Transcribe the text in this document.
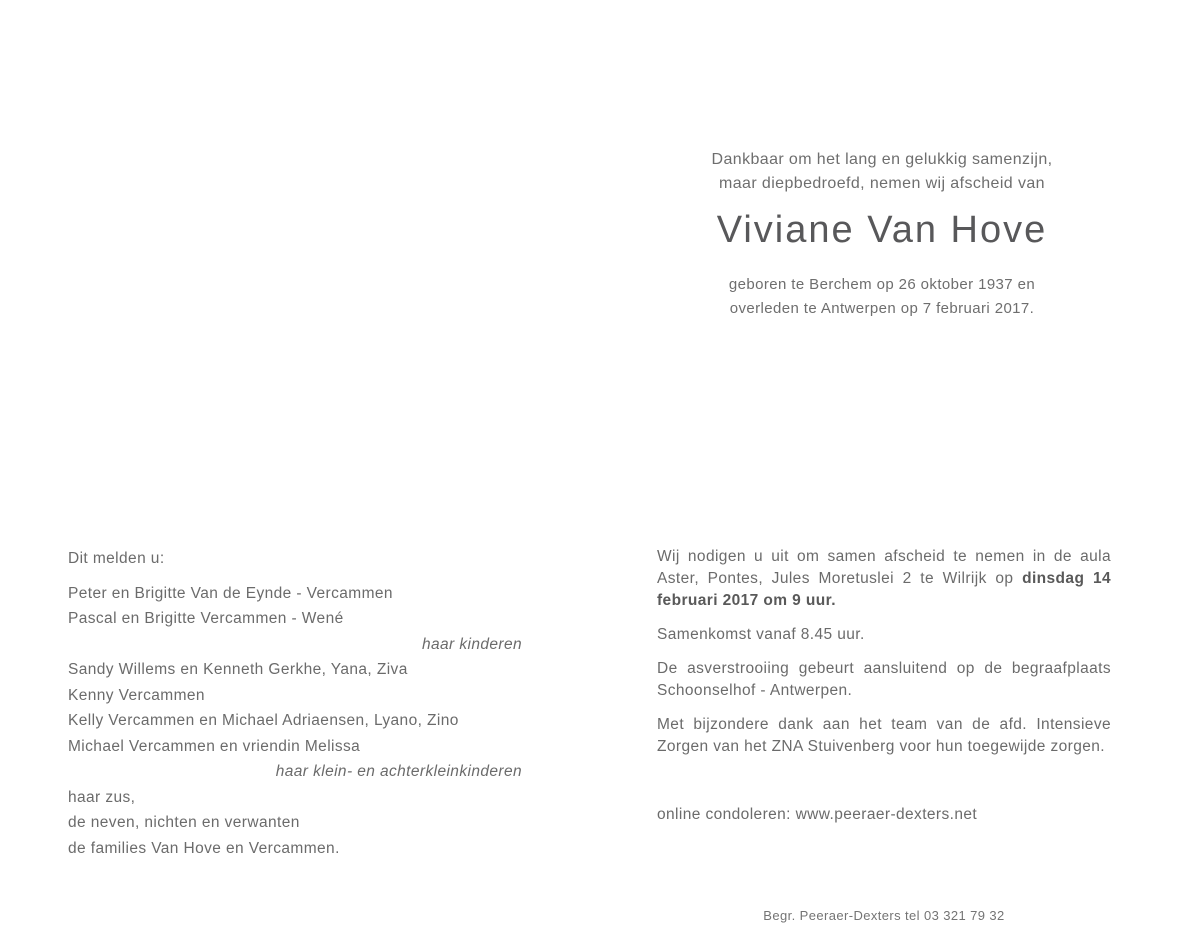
Dankbaar om het lang en gelukkig samenzijn,

maar diepbedroefd, nemen wij afscheid van

Viviane Van Hove

geboren te Berchem op 26 oktober 1937 en

overleden te Antwerpen op 7 februari 2017.

Dit melden u:

Peter en Brigitte Van de Eynde - Vercammen

Pascal en Brigitte Vercammen - Wené

haar kinderen

Sandy Willems en Kenneth Gerkhe, Yana, Ziva

Kenny Vercammen

Kelly Vercammen en Michael Adriaensen, Lyano, Zino

Michael Vercammen en vriendin Melissa

haar klein- en achterkleinkinderen

haar zus,

de neven, nichten en verwanten

de families Van Hove en Vercammen.

Wij nodigen u uit om samen afscheid te nemen in de aula Aster, Pontes, Jules Moretuslei 2 te Wilrijk op dinsdag 14 februari 2017 om 9 uur.

Samenkomst vanaf 8.45 uur.

De asverstrooiing gebeurt aansluitend op de begraafplaats Schoonselhof - Antwerpen.

Met bijzondere dank aan het team van de afd. Intensieve Zorgen van het ZNA Stuivenberg voor hun toegewijde zorgen.

online condoleren: www.peeraer-dexters.net

Begr. Peeraer-Dexters tel 03 321 79 32
